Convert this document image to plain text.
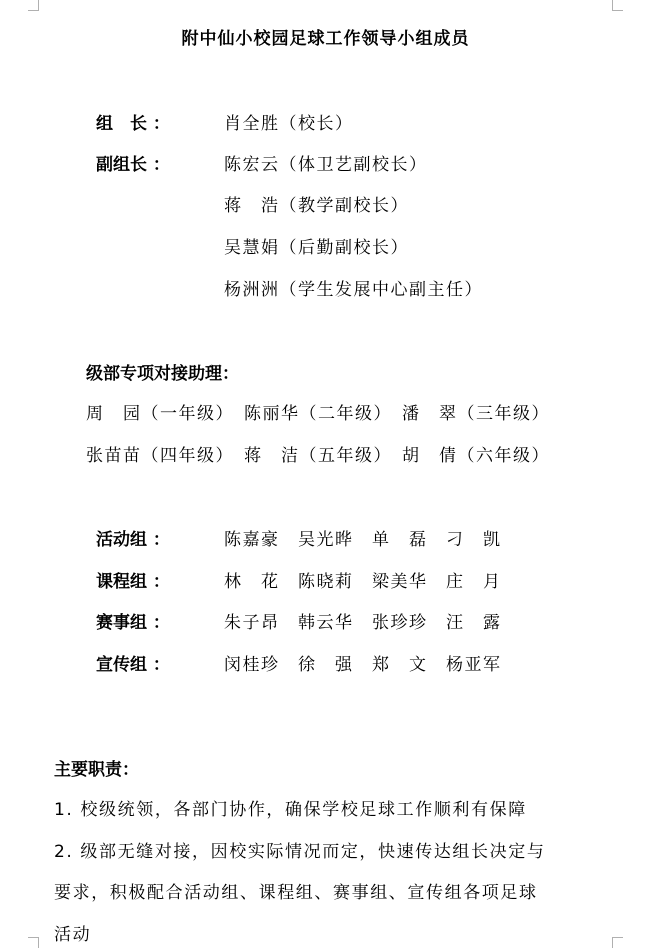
附中仙小校园足球工作领导小组成员
组　长 ：	肖全胜（校长）
副组长 ：	陈宏云（体卫艺副校长）
蒋　浩（教学副校长）
吴慧娟（后勤副校长）
杨洲洲（学生发展中心副主任）
级部专项对接助理：
周　园（一年级）　陈丽华（二年级）　潘　翠（三年级）
张苗苗（四年级）　蒋　洁（五年级）　胡　倩（六年级）
活动组 ：	陈嘉豪　吴光晔　单　磊　刁　凯
课程组 ：	林　花　陈晓莉　梁美华　庄　月
赛事组 ：	朱子昂　韩云华　张珍珍　汪　露
宣传组 ：	闵桂珍　徐　强　郑　文　杨亚军
主要职责：
1. 校级统领，各部门协作，确保学校足球工作顺利有保障
2. 级部无缝对接，因校实际情况而定，快速传达组长决定与
要求，积极配合活动组、课程组、赛事组、宣传组各项足球
活动
